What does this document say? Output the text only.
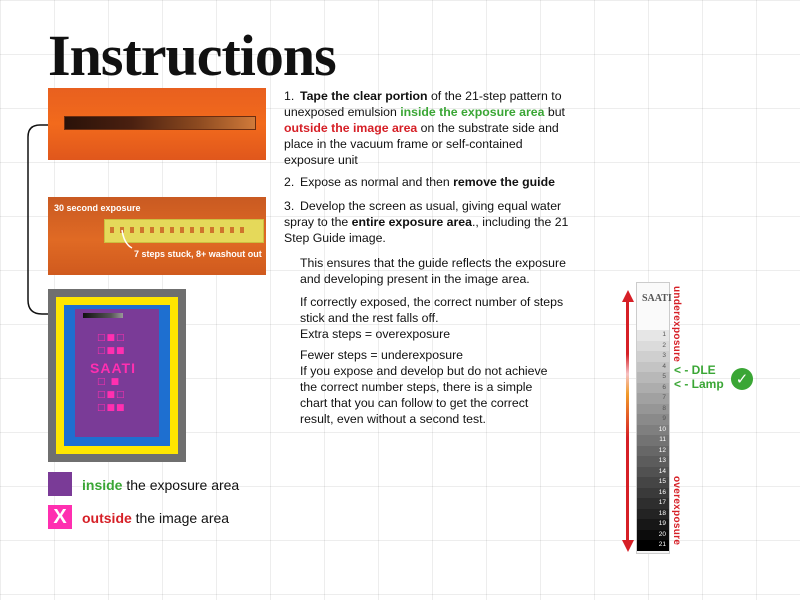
Instructions
30 second exposure
7 steps stuck, 8+ washout out
□■□
□■■
SAATI
□ ■
□■□
□■■
inside the exposure area
X	outside the image area
1. Tape the clear portion of the 21-step pattern to unexposed emulsion inside the exposure area but outside the image area on the substrate side and place in the vacuum frame or self-contained exposure unit
2. Expose as normal and then remove the guide
3. Develop the screen as usual, giving equal water spray to the entire exposure area., including the 21 Step Guide image.
This ensures that the guide reflects the exposure and developing present in the image area.
If correctly exposed, the correct number of steps stick and the rest falls off.
Extra steps = overexposure
Fewer steps = underexposure
If you expose and develop but do not achieve the correct number steps, there is a simple chart that you can follow to get the correct result, even without a second test.
SAATI
1
2
3
4
5
6
7
8
9
10
11
12
13
14
15
16
17
18
19
20
21
underexposure
overexposure
< - DLE
< - Lamp ✓
